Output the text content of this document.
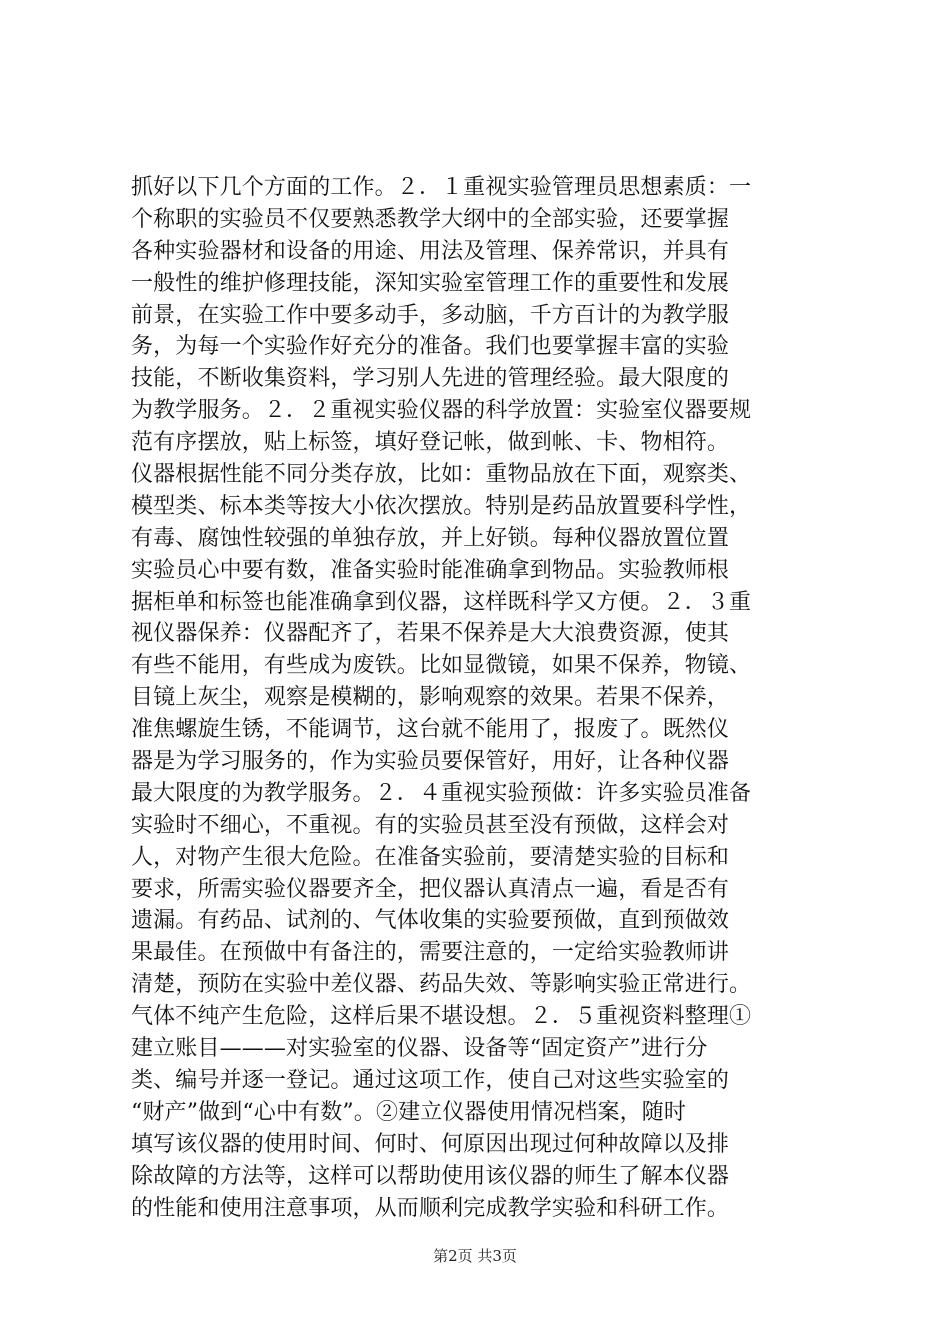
抓好以下几个方面的工作。２．１重视实验管理员思想素质：一
个称职的实验员不仅要熟悉教学大纲中的全部实验，还要掌握
各种实验器材和设备的用途、用法及管理、保养常识，并具有
一般性的维护修理技能，深知实验室管理工作的重要性和发展
前景，在实验工作中要多动手，多动脑，千方百计的为教学服
务，为每一个实验作好充分的准备。我们也要掌握丰富的实验
技能，不断收集资料，学习别人先进的管理经验。最大限度的
为教学服务。２．２重视实验仪器的科学放置：实验室仪器要规
范有序摆放，贴上标签，填好登记帐，做到帐、卡、物相符。
仪器根据性能不同分类存放，比如：重物品放在下面，观察类、
模型类、标本类等按大小依次摆放。特别是药品放置要科学性，
有毒、腐蚀性较强的单独存放，并上好锁。每种仪器放置位置
实验员心中要有数，准备实验时能准确拿到物品。实验教师根
据柜单和标签也能准确拿到仪器，这样既科学又方便。２．３重
视仪器保养：仪器配齐了，若果不保养是大大浪费资源，使其
有些不能用，有些成为废铁。比如显微镜，如果不保养，物镜、
目镜上灰尘，观察是模糊的，影响观察的效果。若果不保养，
准焦螺旋生锈，不能调节，这台就不能用了，报废了。既然仪
器是为学习服务的，作为实验员要保管好，用好，让各种仪器
最大限度的为教学服务。２．４重视实验预做：许多实验员准备
实验时不细心，不重视。有的实验员甚至没有预做，这样会对
人，对物产生很大危险。在准备实验前，要清楚实验的目标和
要求，所需实验仪器要齐全，把仪器认真清点一遍，看是否有
遗漏。有药品、试剂的、气体收集的实验要预做，直到预做效
果最佳。在预做中有备注的，需要注意的，一定给实验教师讲
清楚，预防在实验中差仪器、药品失效、等影响实验正常进行。
气体不纯产生危险，这样后果不堪设想。２．５重视资料整理①
建立账目———对实验室的仪器、设备等“固定资产”进行分
类、编号并逐一登记。通过这项工作，使自己对这些实验室的
“财产”做到“心中有数”。②建立仪器使用情况档案，随时
填写该仪器的使用时间、何时、何原因出现过何种故障以及排
除故障的方法等，这样可以帮助使用该仪器的师生了解本仪器
的性能和使用注意事项，从而顺利完成教学实验和科研工作。
第2页 共3页
